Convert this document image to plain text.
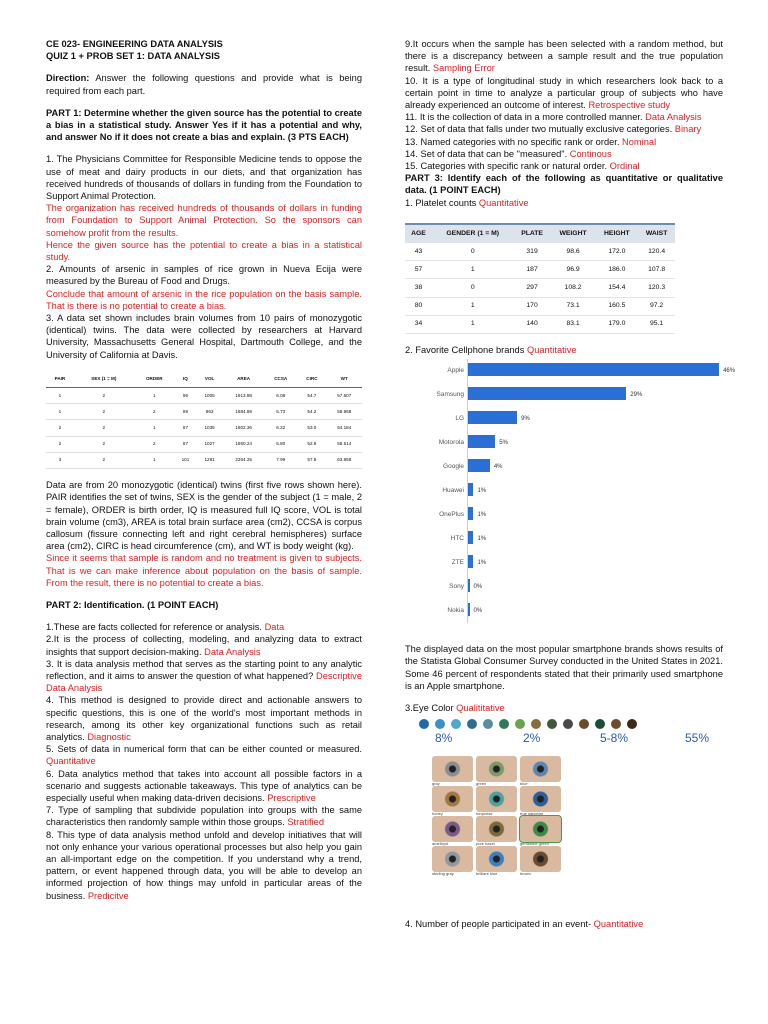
CE 023- ENGINEERING DATA ANALYSIS

QUIZ 1 + PROB SET 1: DATA ANALYSIS

Direction: Answer the following questions and provide what is being required from each part.

PART 1: Determine whether the given source has the potential to create a bias in a statistical study. Answer Yes if it has a potential and why, and answer No if it does not create a bias and explain. (3 PTS EACH)

1. The Physicians Committee for Responsible Medicine tends to oppose the use of meat and dairy products in our diets, and that organization has received hundreds of thousands of dollars in funding from the Foundation to Support Animal Protection.

The organization has received hundreds of thousands of dollars in funding from Foundation to Support Animal Protection. So the sponsors can somehow profit from the results.

Hence the given source has the potential to create a bias in a statistical study.

2. Amounts of arsenic in samples of rice grown in Nueva Ecija were measured by the Bureau of Food and Drugs.

Conclude that amount of arsenic in the rice population on the basis sample. That is there is no potential to create a bias.

3. A data set shown includes brain volumes from 10 pairs of monozygotic (identical) twins. The data were collected by researchers at Harvard University, Massachusetts General Hospital, Dartmouth College, and the University of California at Davis.

PAIR	SEX (1 = M)	ORDER	IQ	VOL	AREA	CCSA	CIRC	WT
1	2	1	96	1005	1913.88	6.08	54.7	57.607
1	2	2	89	963	1684.89	5.73	54.2	58.968
2	2	1	87	1035	1902.36	6.22	53.0	64.184
2	2	2	87	1027	1860.24	5.80	52.9	58.514
3	2	1	101	1281	2264.25	7.99	57.8	63.958

Data are from 20 monozygotic (identical) twins (first five rows shown here). PAIR identifies the set of twins, SEX is the gender of the subject (1 = male, 2 = female), ORDER is birth order, IQ is measured full IQ score, VOL is total brain volume (cm3), AREA is total brain surface area (cm2), CCSA is corpus callosum (fissure connecting left and right cerebral hemispheres) surface area (cm2), CIRC is head circumference (cm), and WT is body weight (kg).

Since it seems that sample is random and no treatment is given to subjects. That is we can make inference about population on the basis of sample. From the result, there is no potential to create a bias.

PART 2: Identification. (1 POINT EACH)

1.These are facts collected for reference or analysis. Data

2.It is the process of collecting, modeling, and analyzing data to extract insights that support decision-making. Data Analysis

3. It is data analysis method that serves as the starting point to any analytic reflection, and it aims to answer the question of what happened? Descriptive Data Analysis

4. This method is designed to provide direct and actionable answers to specific questions, this is one of the world's most important methods in research, among its other key organizational functions such as retail analytics. Diagnostic

5. Sets of data in numerical form that can be either counted or measured. Quantitative

6. Data analytics method that takes into account all possible factors in a scenario and suggests actionable takeaways. This type of analytics can be especially useful when making data-driven decisions. Prescriptive

7. Type of sampling that subdivide population into groups with the same characteristics then randomly sample within those groups. Stratified

8. This type of data analysis method unfold and develop initiatives that will not only enhance your various operational processes but also help you gain an all-important edge on the competition. If you understand why a trend, pattern, or event happened through data, you will be able to develop an informed projection of how things may unfold in particular areas of the business. Predicitve

9.It occurs when the sample has been selected with a random method, but there is a discrepancy between a sample result and the true population result. Sampling Error

10. It is a type of longitudinal study in which researchers look back to a certain point in time to analyze a particular group of subjects who have already experienced an outcome of interest. Retrospective study

11. It is the collection of data in a more controlled manner. Data Analysis

12. Set of data that falls under two mutually exclusive categories. Binary

13. Named categories with no specific rank or order. Nominal

14. Set of data that can be "measured". Continous

15. Categories with specific rank or natural order. Ordinal

PART 3: Identify each of the following as quantitative or qualitative data. (1 POINT EACH)

1. Platelet counts Quantitative

AGE	GENDER (1 = M)	PLATE	WEIGHT	HEIGHT	WAIST
43	0	319	98.6	172.0	120.4
57	1	187	96.9	186.0	107.8
38	0	297	108.2	154.4	120.3
80	1	170	73.1	160.5	97.2
34	1	140	83.1	179.0	95.1

2. Favorite Cellphone brands Quantitative

Apple	46%
Samsung	29%
LG	9%
Motorola	5%
Google	4%
Huawei 1%
OnePlus 1%
HTC 1%
ZTE 1%
Sony 0%
Nokia 0%

The displayed data on the most popular smartphone brands shows results of the Statista Global Consumer Survey conducted in the United States in 2021. Some 46 percent of respondents stated that their primarily used smartphone is an Apple smartphone.

3.Eye Color Qualititative

8%	2%	5-8%	55%
gray	green	blue
honey	turquoise	true sapphire
amethyst	pure hazel	gemstone green
sterling gray	brilliant blue	brown

4. Number of people participated in an event- Quantitative
